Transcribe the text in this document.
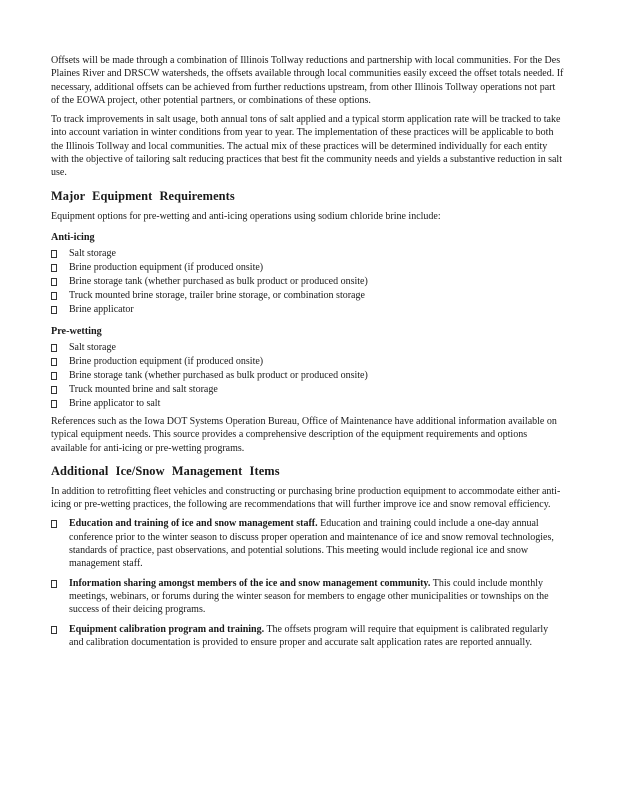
Offsets will be made through a combination of Illinois Tollway reductions and partnership with local communities. For the Des Plaines River and DRSCW watersheds, the offsets available through local communities easily exceed the offset totals needed. If necessary, additional offsets can be achieved from further reductions upstream, from other Illinois Tollway operations not part of the EOWA project, other potential partners, or combinations of these options.

To track improvements in salt usage, both annual tons of salt applied and a typical storm application rate will be tracked to take into account variation in winter conditions from year to year. The implementation of these practices will be applicable to both the Illinois Tollway and local communities. The actual mix of these practices will be determined individually for each entity with the objective of tailoring salt reducing practices that best fit the community needs and yields a substantive reduction in salt use.

Major Equipment Requirements

Equipment options for pre-wetting and anti-icing operations using sodium chloride brine include:

Anti-icing
Salt storage
Brine production equipment (if produced onsite)
Brine storage tank (whether purchased as bulk product or produced onsite)
Truck mounted brine storage, trailer brine storage, or combination storage
Brine applicator
Pre-wetting
Salt storage
Brine production equipment (if produced onsite)
Brine storage tank (whether purchased as bulk product or produced onsite)
Truck mounted brine and salt storage
Brine applicator to salt

References such as the Iowa DOT Systems Operation Bureau, Office of Maintenance have additional information available on typical equipment needs. This source provides a comprehensive description of the equipment requirements and options available for anti-icing or pre-wetting programs.

Additional Ice/Snow Management Items

In addition to retrofitting fleet vehicles and constructing or purchasing brine production equipment to accommodate either anti-icing or pre-wetting practices, the following are recommendations that will further improve ice and snow removal efficiency.

Education and training of ice and snow management staff. Education and training could include a one-day annual conference prior to the winter season to discuss proper operation and maintenance of ice and snow removal technologies, standards of practice, past observations, and potential solutions. This meeting would include regional ice and snow management staff.
Information sharing amongst members of the ice and snow management community. This could include monthly meetings, webinars, or forums during the winter season for members to engage other municipalities or townships on the success of their deicing programs.
Equipment calibration program and training. The offsets program will require that equipment is calibrated regularly and calibration documentation is provided to ensure proper and accurate salt application rates are reported annually.
